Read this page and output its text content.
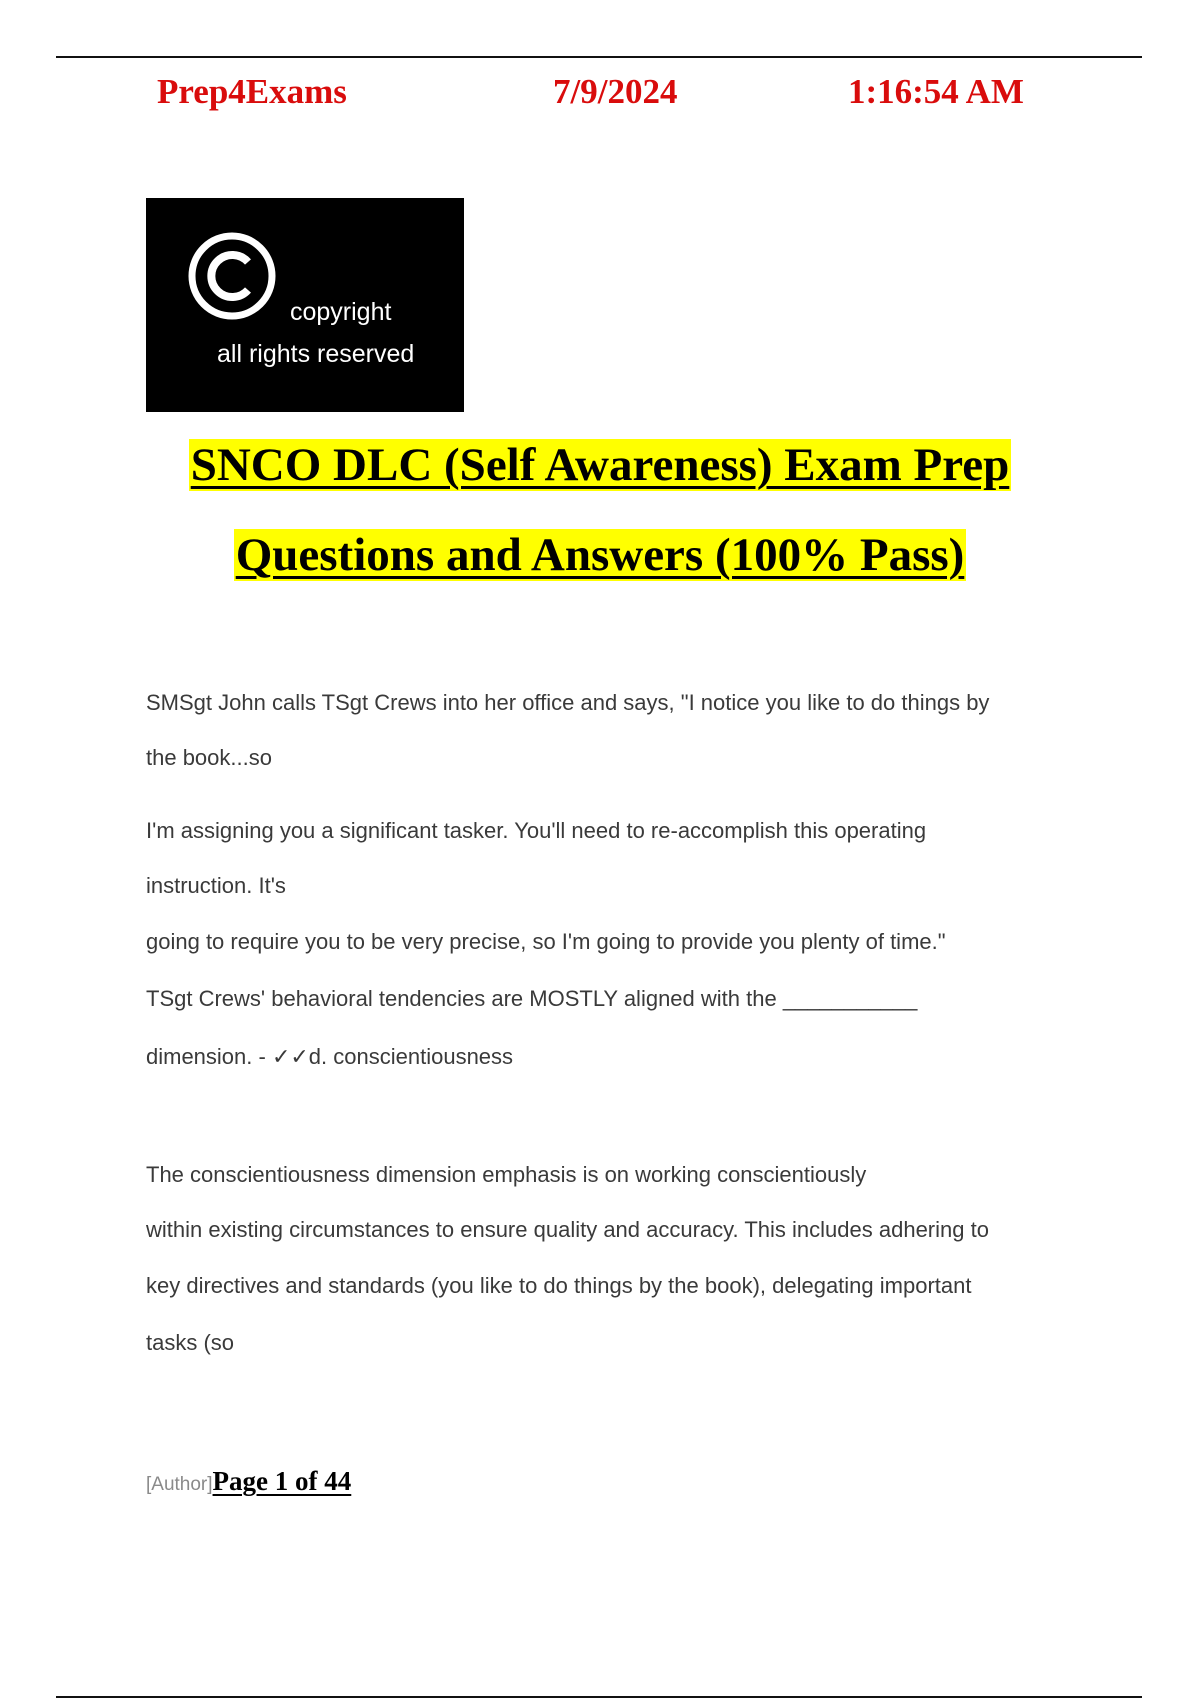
Prep4Exams	7/9/2024	1:16:54 AM
copyright
all rights reserved
SNCO DLC (Self Awareness) Exam Prep
Questions and Answers (100% Pass)
SMSgt John calls TSgt Crews into her office and says, "I notice you like to do things by
the book...so
I'm assigning you a significant tasker. You'll need to re-accomplish this operating
instruction. It's
going to require you to be very precise, so I'm going to provide you plenty of time."
TSgt Crews' behavioral tendencies are MOSTLY aligned with the ___________
dimension. - ✓✓d. conscientiousness
The conscientiousness dimension emphasis is on working conscientiously
within existing circumstances to ensure quality and accuracy. This includes adhering to
key directives and standards (you like to do things by the book), delegating important
tasks (so
[Author]Page 1 of 44
